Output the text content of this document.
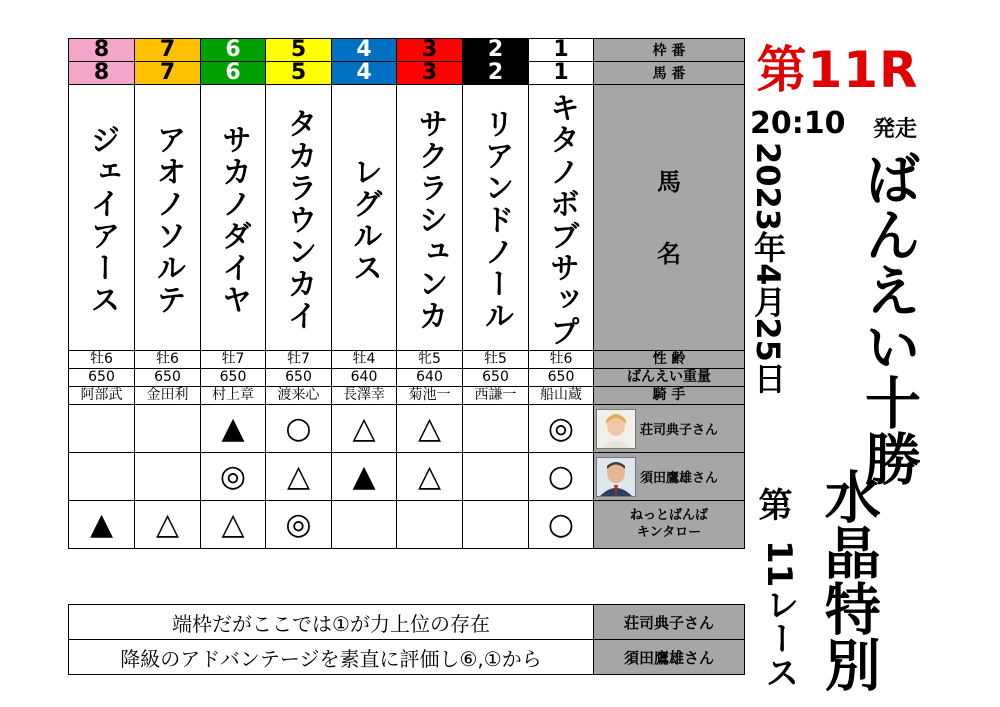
8	7	6	5	4	3	2	1	枠 番
8	7	6	5	4	3	2	1	馬 番

ジェイアース	アオノソルテ	サカノダイヤ	タカラウンカイ	レグルス	サクラシュンカ	リアンドノール	キタノボブサップ	馬

名
牡6	牡6	牡7	牡7	牡4	牝5	牡5	牡6	性 齢
650	650	650	650	640	640	650	650	ばんえい重量
阿部武	金田利	村上章	渡来心	長澤幸	菊池一	西謙一	船山蔵	騎 手
		▲	○	△	△		◎	荘司典子さん

		◎	△	▲	△		○	須田鷹雄さん

▲	△	△	◎				○	ねっとばんば
キンタロー
端枠だがここでは①が力上位の存在	荘司典子さん
降級のアドバンテージを素直に評価し⑥,①から	須田鷹雄さん
第11R
20:10 発走
2023年4月25日 ばんえい十勝
第
11レース 水晶特別
